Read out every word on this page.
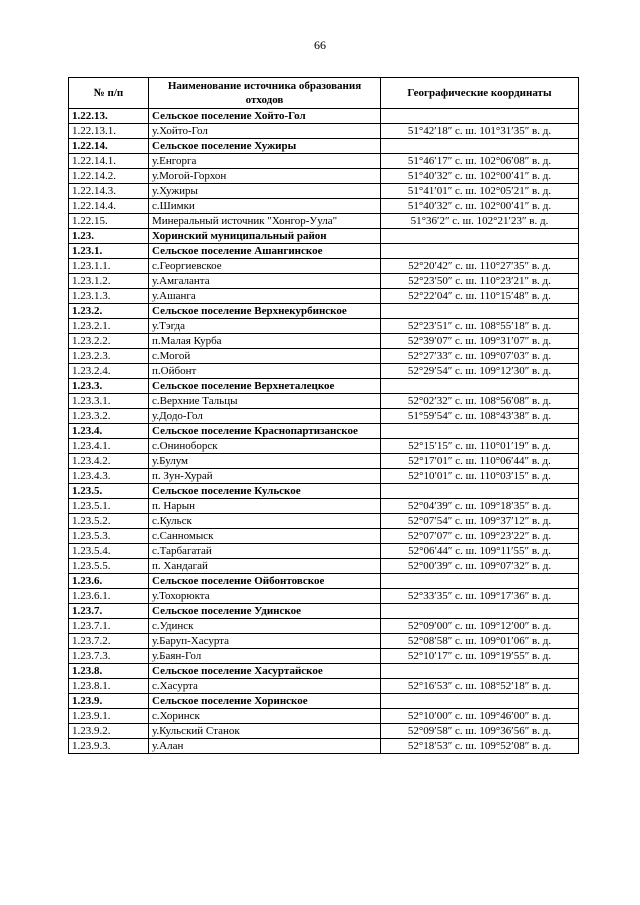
66
№ п/п	Наименование источника образования отходов	Географические координаты
1.22.13.	Сельское поселение Хойто-Гол	
1.22.13.1.	у.Хойто-Гол	51°42′18″ с. ш. 101°31′35″ в. д.
1.22.14.	Сельское поселение Хужиры	
1.22.14.1.	у.Енгорга	51°46′17″ с. ш. 102°06′08″ в. д.
1.22.14.2.	у.Могой-Горхон	51°40′32″ с. ш. 102°00′41″ в. д.
1.22.14.3.	у.Хужиры	51°41′01″ с. ш. 102°05′21″ в. д.
1.22.14.4.	с.Шимки	51°40′32″ с. ш. 102°00′41″ в. д.
1.22.15.	Минеральный источник "Хонгор-Уула"	51°36′2″ с. ш. 102°21′23″ в. д.
1.23.	Хоринский муниципальный район	
1.23.1.	Сельское поселение Ашангинское	
1.23.1.1.	с.Георгиевское	52°20′42″ с. ш. 110°27′35″ в. д.
1.23.1.2.	у.Амгаланта	52°23′50″ с. ш. 110°23′21″ в. д.
1.23.1.3.	у.Ашанга	52°22′04″ с. ш. 110°15′48″ в. д.
1.23.2.	Сельское поселение Верхнекурбинское	
1.23.2.1.	у.Тэгда	52°23′51″ с. ш. 108°55′18″ в. д.
1.23.2.2.	п.Малая Курба	52°39′07″ с. ш. 109°31′07″ в. д.
1.23.2.3.	с.Могой	52°27′33″ с. ш. 109°07′03″ в. д.
1.23.2.4.	п.Ойбонт	52°29′54″ с. ш. 109°12′30″ в. д.
1.23.3.	Сельское поселение Верхнеталецкое	
1.23.3.1.	с.Верхние Тальцы	52°02′32″ с. ш. 108°56′08″ в. д.
1.23.3.2.	у.Додо-Гол	51°59′54″ с. ш. 108°43′38″ в. д.
1.23.4.	Сельское поселение Краснопартизанское	
1.23.4.1.	с.Ониноборск	52°15′15″ с. ш. 110°01′19″ в. д.
1.23.4.2.	у.Булум	52°17′01″ с. ш. 110°06′44″ в. д.
1.23.4.3.	п. Зун-Хурай	52°10′01″ с. ш. 110°03′15″ в. д.
1.23.5.	Сельское поселение Кульское	
1.23.5.1.	п. Нарын	52°04′39″ с. ш. 109°18′35″ в. д.
1.23.5.2.	с.Кульск	52°07′54″ с. ш. 109°37′12″ в. д.
1.23.5.3.	с.Санномыск	52°07′07″ с. ш. 109°23′22″ в. д.
1.23.5.4.	с.Тарбагатай	52°06′44″ с. ш. 109°11′55″ в. д.
1.23.5.5.	п. Хандагай	52°00′39″ с. ш. 109°07′32″ в. д.
1.23.6.	Сельское поселение Ойбонтовское	
1.23.6.1.	у.Тохорюкта	52°33′35″ с. ш. 109°17′36″ в. д.
1.23.7.	Сельское поселение Удинское	
1.23.7.1.	с.Удинск	52°09′00″ с. ш. 109°12′00″ в. д.
1.23.7.2.	у.Баруп-Хасурта	52°08′58″ с. ш. 109°01′06″ в. д.
1.23.7.3.	у.Баян-Гол	52°10′17″ с. ш. 109°19′55″ в. д.
1.23.8.	Сельское поселение Хасуртайское	
1.23.8.1.	с.Хасурта	52°16′53″ с. ш. 108°52′18″ в. д.
1.23.9.	Сельское поселение Хоринское	
1.23.9.1.	с.Хоринск	52°10′00″ с. ш. 109°46′00″ в. д.
1.23.9.2.	у.Кульский Станок	52°09′58″ с. ш. 109°36′56″ в. д.
1.23.9.3.	у.Алан	52°18′53″ с. ш. 109°52′08″ в. д.
